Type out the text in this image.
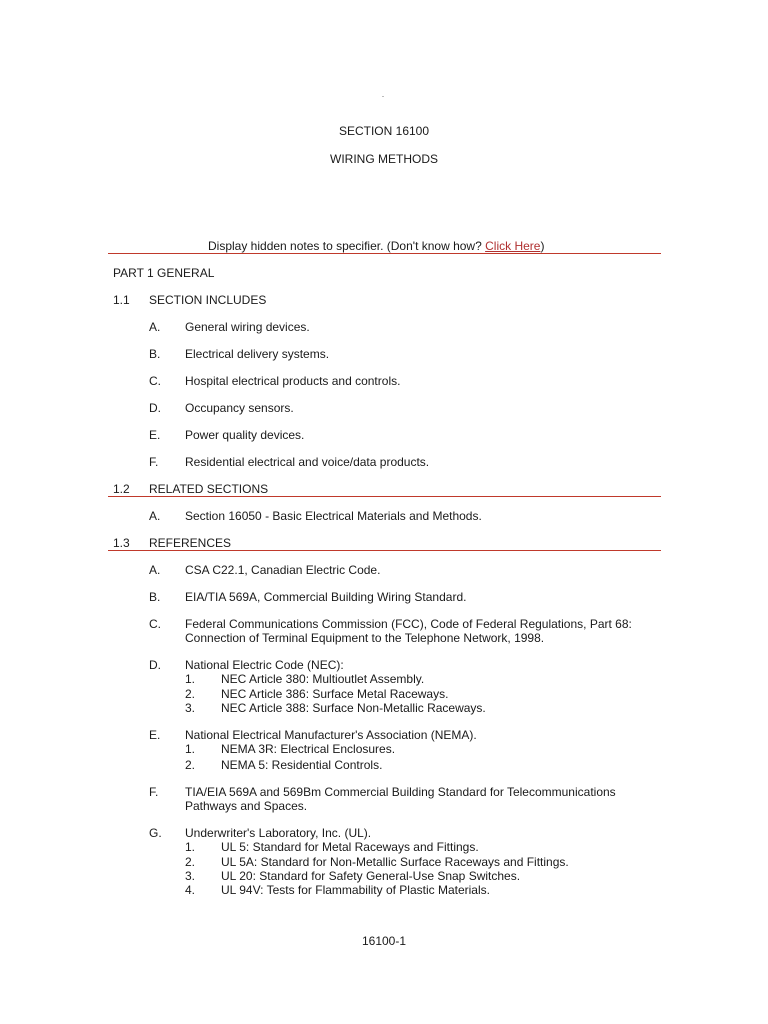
SECTION 16100
WIRING METHODS
Display hidden notes to specifier. (Don't know how? Click Here)
PART 1 GENERAL
1.1 SECTION INCLUDES
A. General wiring devices.
B. Electrical delivery systems.
C. Hospital electrical products and controls.
D. Occupancy sensors.
E. Power quality devices.
F. Residential electrical and voice/data products.
1.2 RELATED SECTIONS
A. Section 16050 - Basic Electrical Materials and Methods.
1.3 REFERENCES
A. CSA C22.1, Canadian Electric Code.
B. EIA/TIA 569A, Commercial Building Wiring Standard.
C. Federal Communications Commission (FCC), Code of Federal Regulations, Part 68:
Connection of Terminal Equipment to the Telephone Network, 1998.
D. National Electric Code (NEC):
1. NEC Article 380: Multioutlet Assembly.
2. NEC Article 386: Surface Metal Raceways.
3. NEC Article 388: Surface Non-Metallic Raceways.
E. National Electrical Manufacturer's Association (NEMA).
1. NEMA 3R: Electrical Enclosures.
2. NEMA 5: Residential Controls.
F. TIA/EIA 569A and 569Bm Commercial Building Standard for Telecommunications
Pathways and Spaces.
G. Underwriter's Laboratory, Inc. (UL).
1. UL 5: Standard for Metal Raceways and Fittings.
2. UL 5A: Standard for Non-Metallic Surface Raceways and Fittings.
3. UL 20: Standard for Safety General-Use Snap Switches.
4. UL 94V: Tests for Flammability of Plastic Materials.
16100-1
